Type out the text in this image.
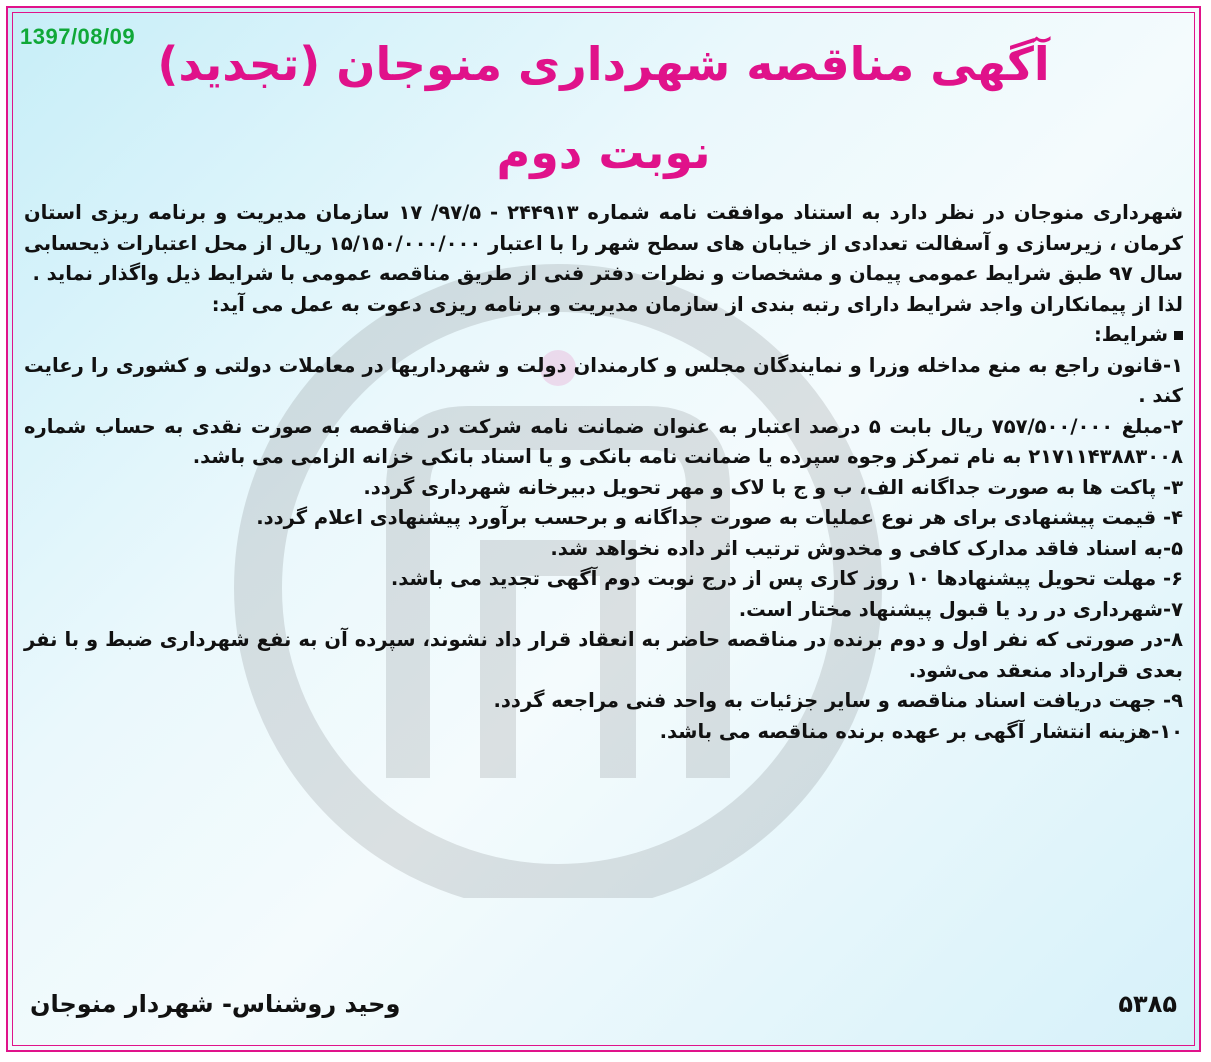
1397/08/09
آگهی مناقصه شهرداری منوجان (تجدید)
نوبت دوم

شهرداری منوجان در نظر دارد به استناد موافقت نامه شماره ۲۴۴۹۱۳ - ۹۷/۵/ ۱۷ سازمان مدیریت و برنامه ریزی استان کرمان ، زیرسازی و آسفالت تعدادی از خیابان های سطح شهر را با اعتبار ۱۵/۱۵۰/۰۰۰/۰۰۰ ریال از محل اعتبارات ذیحسابی سال ۹۷ طبق شرایط عمومی پیمان و مشخصات و نظرات دفتر فنی از طریق مناقصه عمومی با شرایط ذیل واگذار نماید .

لذا از پیمانکاران واجد شرایط دارای رتبه بندی از سازمان مدیریت و برنامه ریزی دعوت به عمل می آید:

شرایط:

۱-قانون راجع به منع مداخله وزرا و نمایندگان مجلس و کارمندان دولت و شهرداریها در معاملات دولتی و کشوری را رعایت کند .

۲-مبلغ ۷۵۷/۵۰۰/۰۰۰ ریال بابت ۵ درصد اعتبار به عنوان ضمانت نامه شرکت در مناقصه به صورت نقدی به حساب شماره ۲۱۷۱۱۴۳۸۸۳۰۰۸ به نام تمرکز وجوه سپرده یا ضمانت نامه بانکی و یا اسناد بانکی خزانه الزامی می باشد.

۳- پاکت ها به صورت جداگانه الف، ب و ج با لاک و مهر تحویل دبیرخانه شهرداری گردد.

۴- قیمت پیشنهادی برای هر نوع عملیات به صورت جداگانه و برحسب برآورد پیشنهادی اعلام گردد.

۵-به اسناد فاقد مدارک کافی و مخدوش ترتیب اثر داده نخواهد شد.

۶- مهلت تحویل پیشنهادها ۱۰ روز کاری پس از درج نوبت دوم آگهی تجدید می باشد.

۷-شهرداری در رد یا قبول پیشنهاد مختار است.

۸-در صورتی که نفر اول و دوم برنده در مناقصه حاضر به انعقاد قرار داد نشوند، سپرده آن به نفع شهرداری ضبط و با نفر بعدی قرارداد منعقد می‌شود.

۹- جهت دریافت اسناد مناقصه و سایر جزئیات به واحد فنی مراجعه گردد.

۱۰-هزینه انتشار آگهی بر عهده برنده مناقصه می باشد.

وحید روشناس- شهردار منوجان	۵۳۸۵
